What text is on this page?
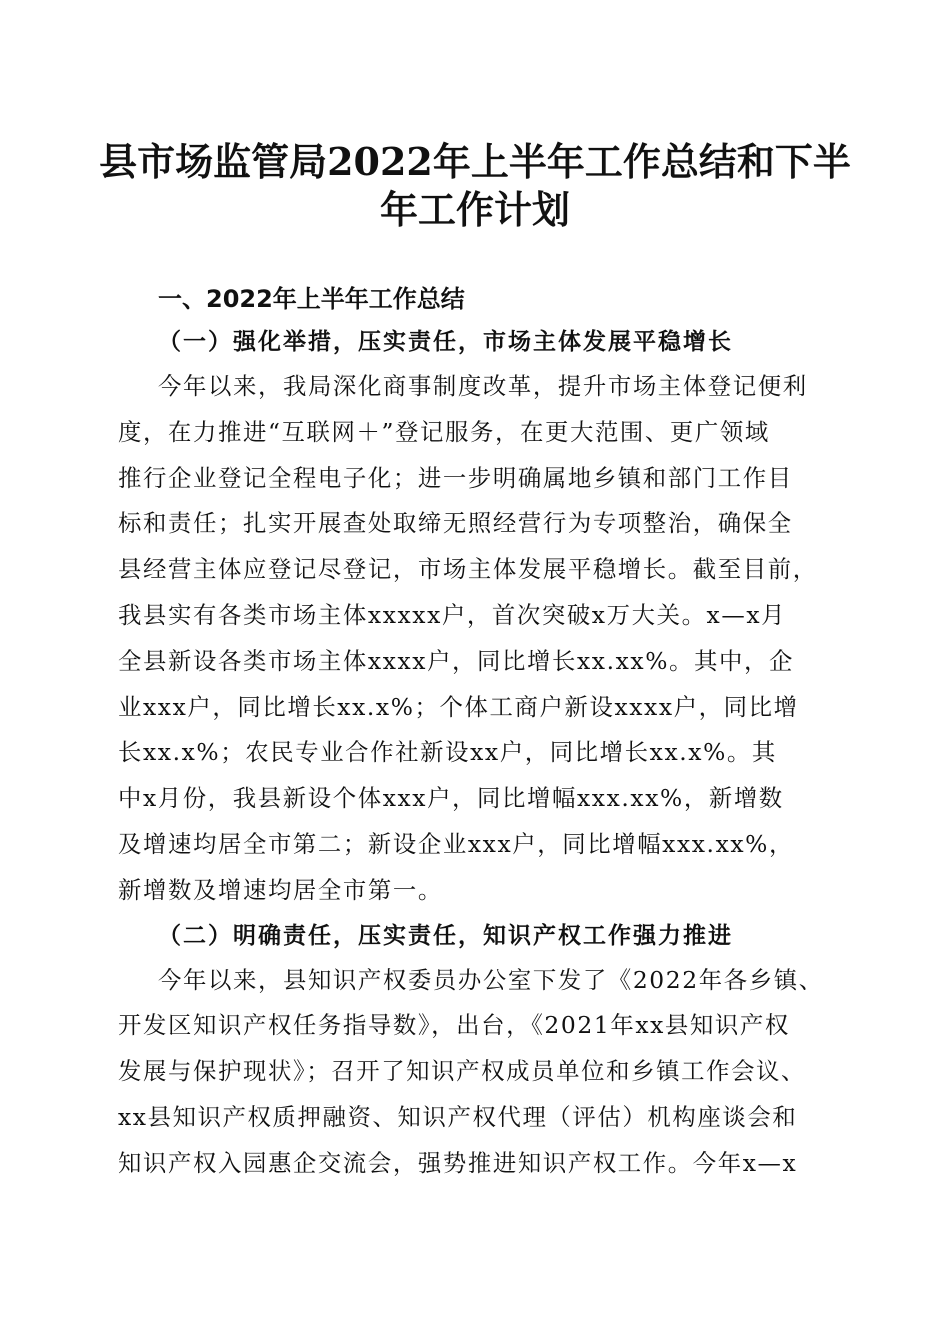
县市场监管局2022年上半年工作总结和下半
年工作计划
一、2022年上半年工作总结
（一）强化举措，压实责任，市场主体发展平稳增长

今年以来，我局深化商事制度改革，提升市场主体登记便利
度，在力推进“互联网＋”登记服务，在更大范围、更广领域
推行企业登记全程电子化；进一步明确属地乡镇和部门工作目
标和责任；扎实开展查处取缔无照经营行为专项整治，确保全
县经营主体应登记尽登记，市场主体发展平稳增长。截至目前，
我县实有各类市场主体xxxxx户，首次突破x万大关。x—x月
全县新设各类市场主体xxxx户，同比增长xx.xx%。其中，企
业xxx户，同比增长xx.x%；个体工商户新设xxxx户，同比增
长xx.x%；农民专业合作社新设xx户，同比增长xx.x%。其
中x月份，我县新设个体xxx户，同比增幅xxx.xx%，新增数
及增速均居全市第二；新设企业xxx户，同比增幅xxx.xx%，
新增数及增速均居全市第一。

（二）明确责任，压实责任，知识产权工作强力推进

今年以来，县知识产权委员办公室下发了《2022年各乡镇、
开发区知识产权任务指导数》，出台，《2021年xx县知识产权
发展与保护现状》；召开了知识产权成员单位和乡镇工作会议、
xx县知识产权质押融资、知识产权代理（评估）机构座谈会和
知识产权入园惠企交流会，强势推进知识产权工作。今年x—x
